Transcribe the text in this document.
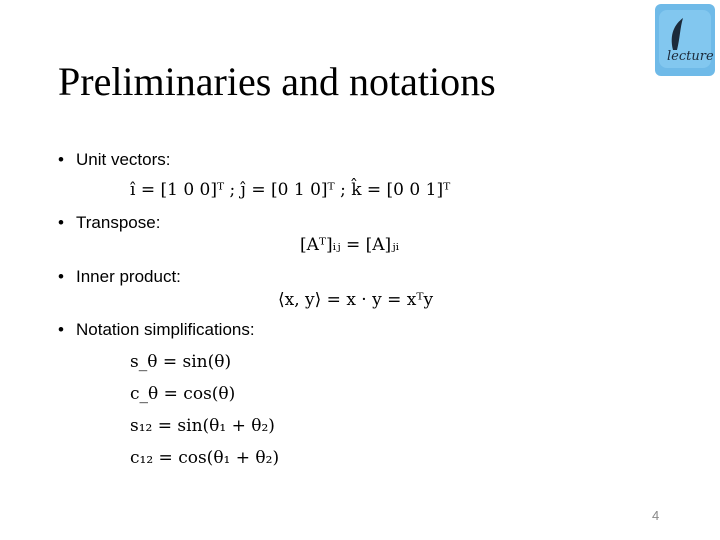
Preliminaries and notations
lecture
• Unit vectors:
î = [1 0 0]ᵀ ; ĵ = [0 1 0]ᵀ ; k̂ = [0 0 1]ᵀ
• Transpose:
[Aᵀ]ᵢⱼ = [A]ⱼᵢ
• Inner product:
⟨x, y⟩ = x · y = xᵀy
• Notation simplifications:
s_θ = sin(θ)
c_θ = cos(θ)
s₁₂ = sin(θ₁ + θ₂)
c₁₂ = cos(θ₁ + θ₂)
4
